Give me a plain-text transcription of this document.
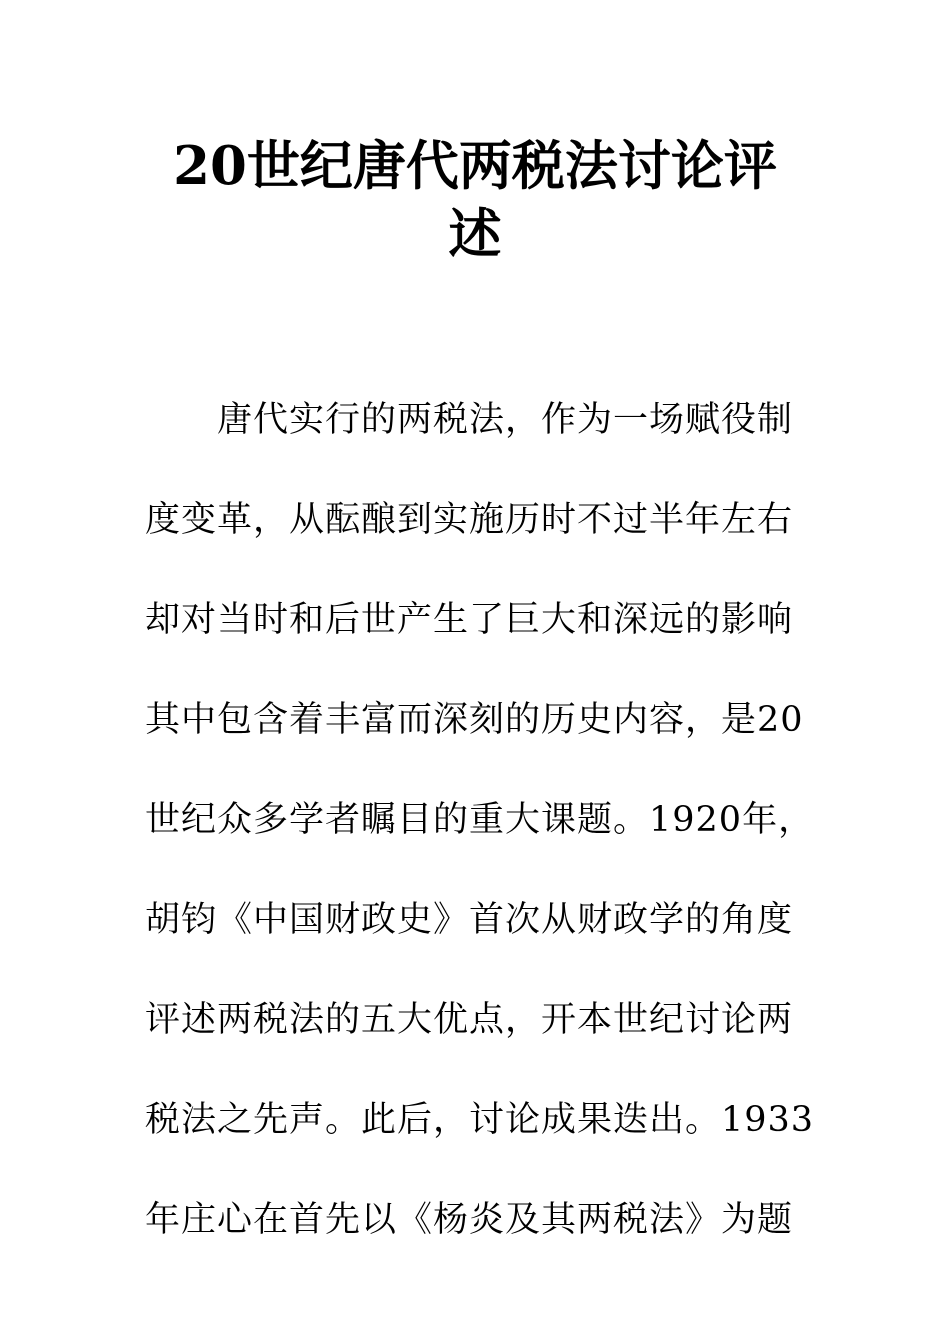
20世纪唐代两税法讨论评
述
唐代实行的两税法，作为一场赋役制
度变革，从酝酿到实施历时不过半年左右
却对当时和后世产生了巨大和深远的影响
其中包含着丰富而深刻的历史内容，是20
世纪众多学者瞩目的重大课题。1920年，
胡钧《中国财政史》首次从财政学的角度
评述两税法的五大优点，开本世纪讨论两
税法之先声。此后，讨论成果迭出。1933
年庄心在首先以《杨炎及其两税法》为题
